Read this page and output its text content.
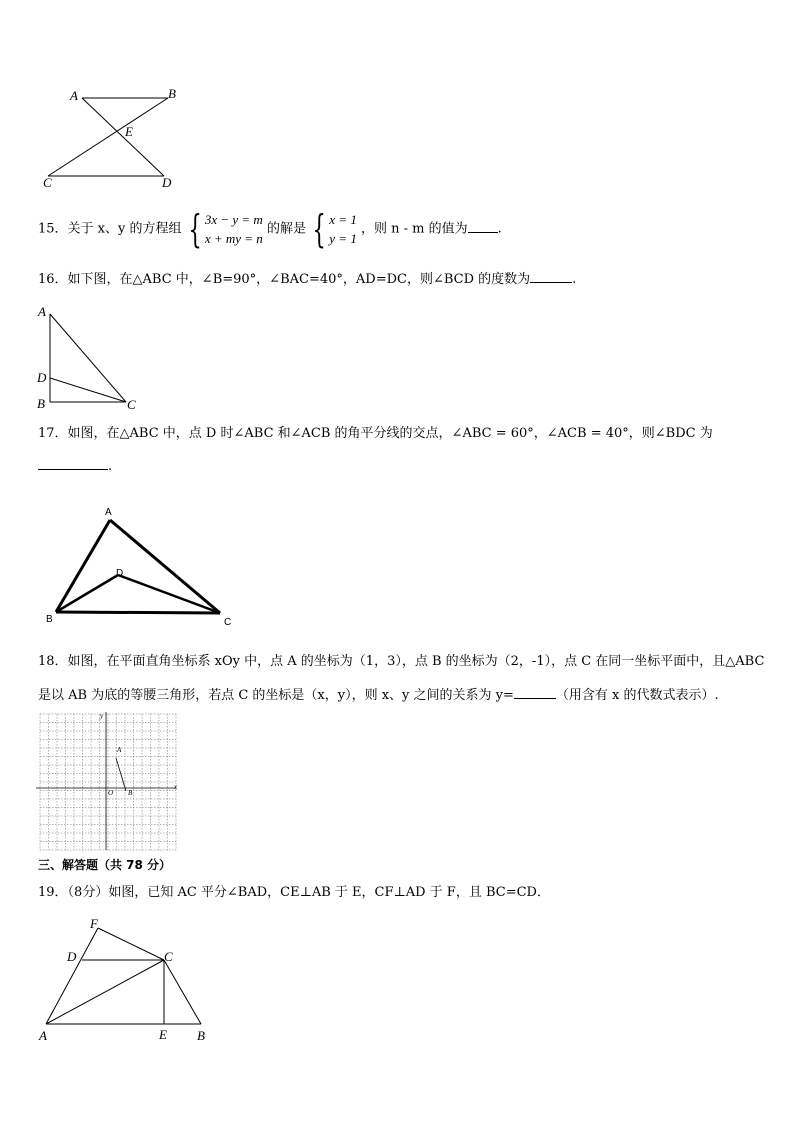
A	B
E
C	D
15．关于 x、y 的方程组 { 3x − y = m
x + my = n
的解是 { x = 1
y = 1
，则 n - m 的值为 .
16．如下图，在△ABC 中，∠B=90°，∠BAC=40°，AD=DC，则∠BCD 的度数为	.
A
D
B	C
17．如图，在△ABC 中，点 D 时∠ABC 和∠ACB 的角平分线的交点，∠ABC = 60°，∠ACB = 40°，则∠BDC 为
.
A
D
B	C
18．如图，在平面直角坐标系 xOy 中，点 A 的坐标为（1，3），点 B 的坐标为（2，-1），点 C 在同一坐标平面中，且△ABC
是以 AB 为底的等腰三角形，若点 C 的坐标是（x，y），则 x、y 之间的关系为 y=	（用含有 x 的代数式表示）.
y
x
O
A
B
三、解答题（共 78 分）
19．（8分）如图，已知 AC 平分∠BAD，CE⊥AB 于 E，CF⊥AD 于 F，且 BC=CD．
F
D	C
A	E B
